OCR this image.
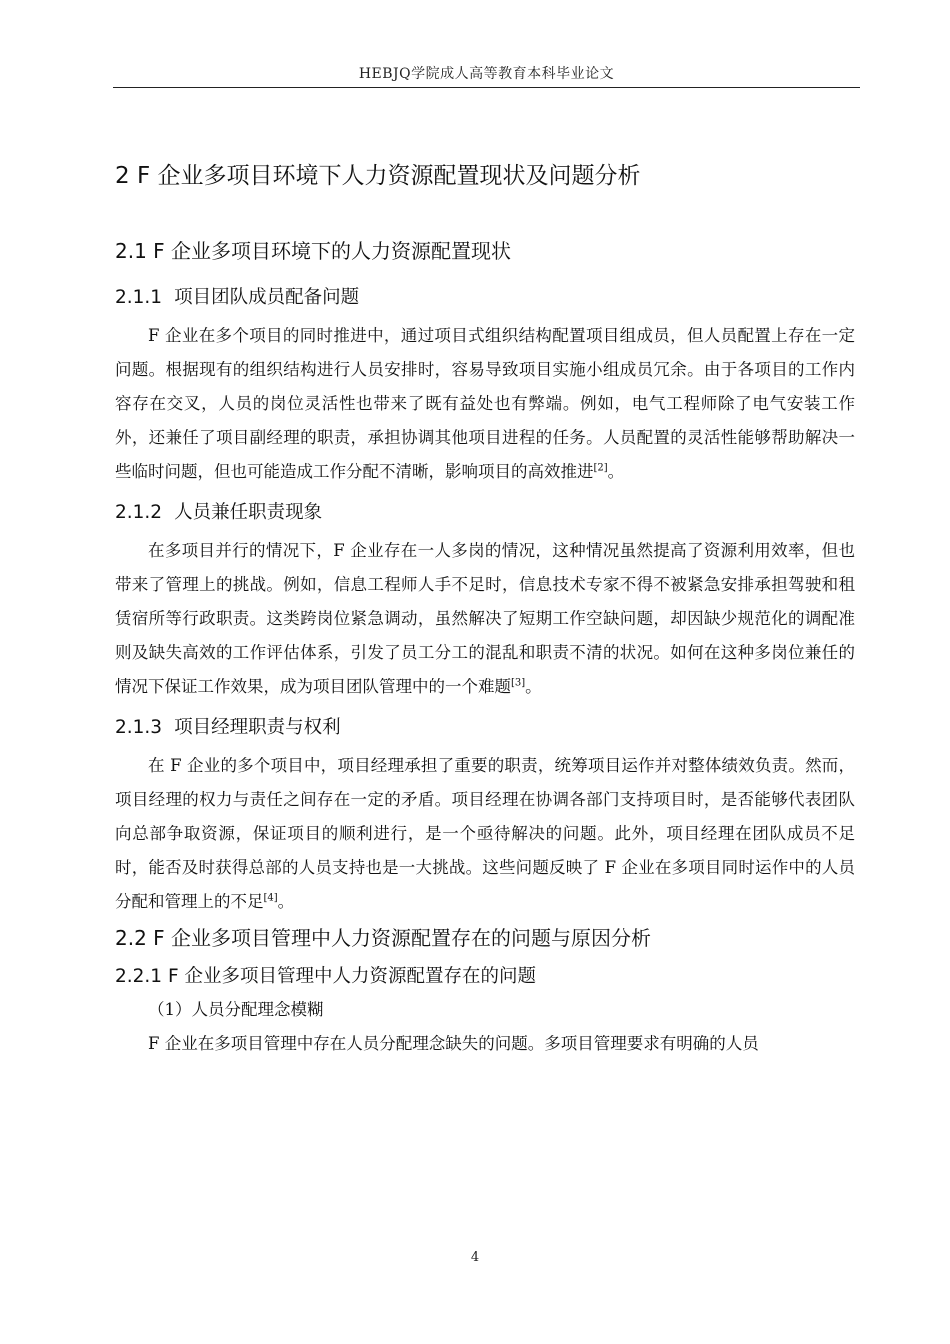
HEBJQ学院成人高等教育本科毕业论文
2 F 企业多项目环境下人力资源配置现状及问题分析
2.1 F 企业多项目环境下的人力资源配置现状
2.1.1 项目团队成员配备问题

F 企业在多个项目的同时推进中，通过项目式组织结构配置项目组成员，但人员配置上存在一定问题。根据现有的组织结构进行人员安排时，容易导致项目实施小组成员冗余。由于各项目的工作内容存在交叉，人员的岗位灵活性也带来了既有益处也有弊端。例如，电气工程师除了电气安装工作外，还兼任了项目副经理的职责，承担协调其他项目进程的任务。人员配置的灵活性能够帮助解决一些临时问题，但也可能造成工作分配不清晰，影响项目的高效推进[2]。

2.1.2 人员兼任职责现象

在多项目并行的情况下，F 企业存在一人多岗的情况，这种情况虽然提高了资源利用效率，但也带来了管理上的挑战。例如，信息工程师人手不足时，信息技术专家不得不被紧急安排承担驾驶和租赁宿所等行政职责。这类跨岗位紧急调动，虽然解决了短期工作空缺问题，却因缺少规范化的调配准则及缺失高效的工作评估体系，引发了员工分工的混乱和职责不清的状况。如何在这种多岗位兼任的情况下保证工作效果，成为项目团队管理中的一个难题[3]。

2.1.3 项目经理职责与权利

在 F 企业的多个项目中，项目经理承担了重要的职责，统筹项目运作并对整体绩效负责。然而，项目经理的权力与责任之间存在一定的矛盾。项目经理在协调各部门支持项目时，是否能够代表团队向总部争取资源，保证项目的顺利进行，是一个亟待解决的问题。此外，项目经理在团队成员不足时，能否及时获得总部的人员支持也是一大挑战。这些问题反映了 F 企业在多项目同时运作中的人员分配和管理上的不足[4]。

2.2 F 企业多项目管理中人力资源配置存在的问题与原因分析
2.2.1 F 企业多项目管理中人力资源配置存在的问题
（1）人员分配理念模糊

F 企业在多项目管理中存在人员分配理念缺失的问题。多项目管理要求有明确的人员

4
